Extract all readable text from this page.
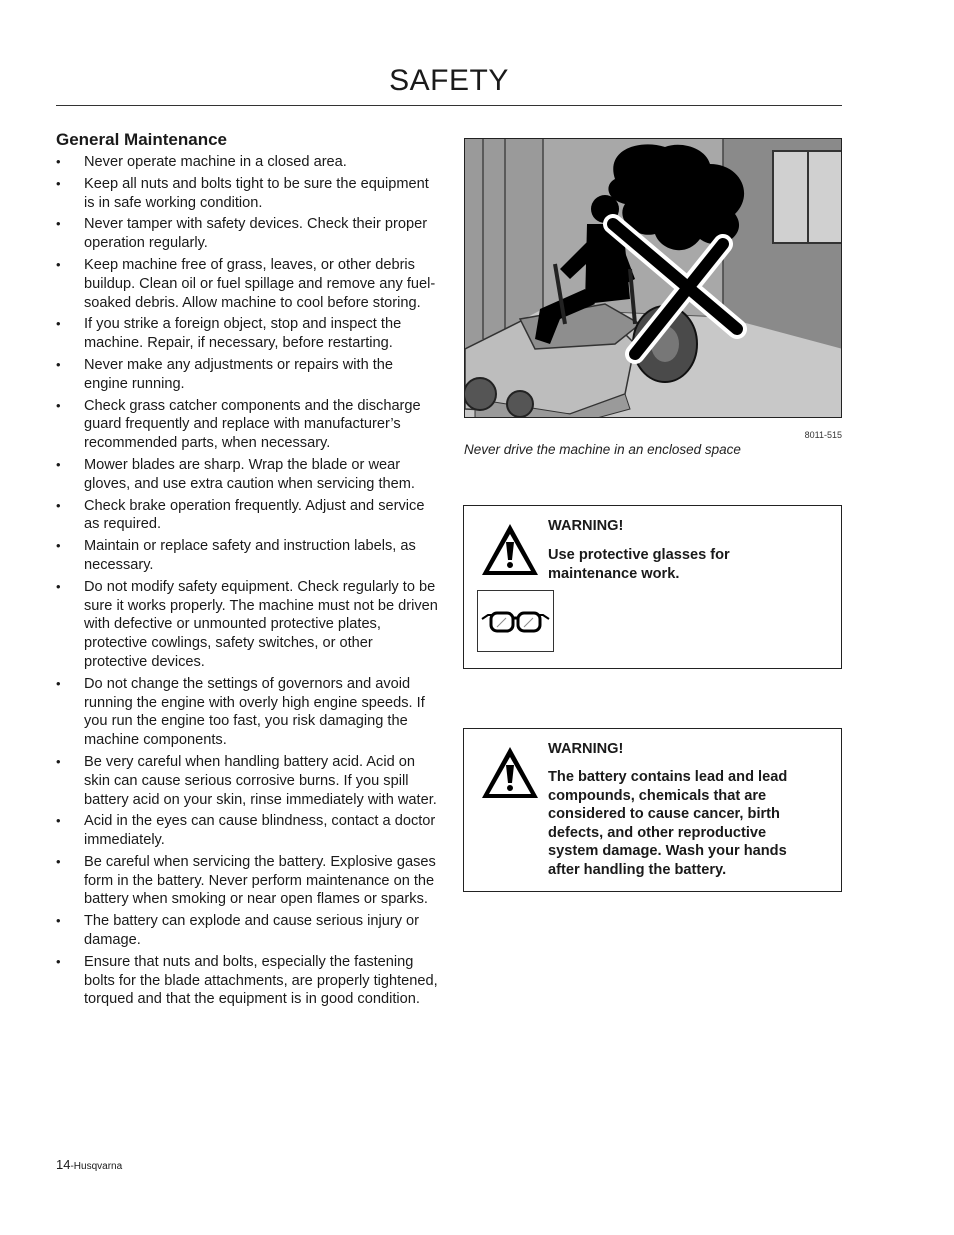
SAFETY
General Maintenance
• Never operate machine in a closed area.
• Keep all nuts and bolts tight to be sure the equipment is in safe working condition.
• Never tamper with safety devices. Check their proper operation regularly.
• Keep machine free of grass, leaves, or other debris buildup. Clean oil or fuel spillage and remove any fuel-soaked debris. Allow machine to cool before storing.
• If you strike a foreign object, stop and inspect the machine. Repair, if necessary, before restarting.
• Never make any adjustments or repairs with the engine running.
• Check grass catcher components and the discharge guard frequently and replace with manufacturer’s recommended parts, when necessary.
• Mower blades are sharp. Wrap the blade or wear gloves, and use extra caution when servicing them.
• Check brake operation frequently. Adjust and service as required.
• Maintain or replace safety and instruction labels, as necessary.
• Do not modify safety equipment. Check regularly to be sure it works properly. The machine must not be driven with defective or unmounted protective plates, protective cowlings, safety switches, or other protective devices.
• Do not change the settings of governors and avoid running the engine with overly high engine speeds. If you run the engine too fast, you risk damaging the machine components.
• Be very careful when handling battery acid. Acid on skin can cause serious corrosive burns. If you spill battery acid on your skin, rinse immediately with water.
• Acid in the eyes can cause blindness, contact a doctor immediately.
• Be careful when servicing the battery. Explosive gases form in the battery. Never perform maintenance on the battery when smoking or near open flames or sparks.
• The battery can explode and cause serious injury or damage.
• Ensure that nuts and bolts, especially the fastening bolts for the blade attachments, are properly tightened, torqued and that the equipment is in good condition.
8011-515
Never drive the machine in an enclosed space
WARNING!
Use protective glasses for maintenance work.
WARNING!
The battery contains lead and lead compounds, chemicals that are considered to cause cancer, birth defects, and other reproductive system damage. Wash your hands after handling the battery.
14-Husqvarna
